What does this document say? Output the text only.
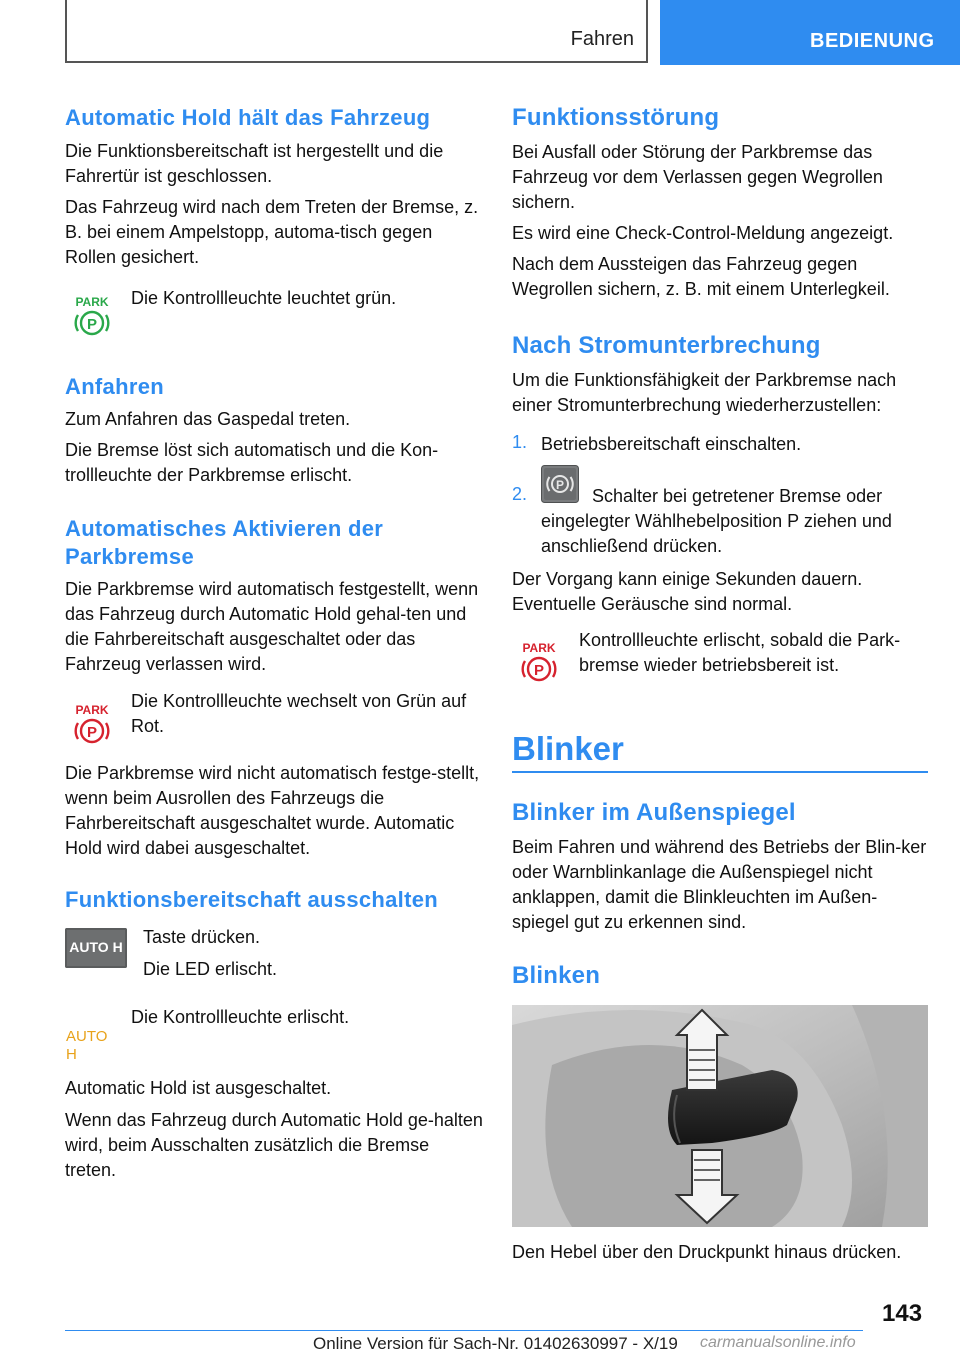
Fahren	BEDIENUNG
Automatic Hold hält das Fahrzeug

Die Funktionsbereitschaft ist hergestellt und die Fahrertür ist geschlossen.

Das Fahrzeug wird nach dem Treten der Bremse, z. B. bei einem Ampelstopp, automa-tisch gegen Rollen gesichert.

PARK
P

Die Kontrollleuchte leuchtet grün.

Anfahren

Zum Anfahren das Gaspedal treten.

Die Bremse löst sich automatisch und die Kon-trollleuchte der Parkbremse erlischt.

Automatisches Aktivieren der Parkbremse

Die Parkbremse wird automatisch festgestellt, wenn das Fahrzeug durch Automatic Hold gehal-ten und die Fahrbereitschaft ausgeschaltet oder das Fahrzeug verlassen wird.

PARK
P

Die Kontrollleuchte wechselt von Grün auf Rot.

Die Parkbremse wird nicht automatisch festge-stellt, wenn beim Ausrollen des Fahrzeugs die Fahrbereitschaft ausgeschaltet wurde. Automatic Hold wird dabei ausgeschaltet.

Funktionsbereitschaft ausschalten
AUTO H Taste drücken.

Die LED erlischt.

AUTO H

Die Kontrollleuchte erlischt.

Automatic Hold ist ausgeschaltet.

Wenn das Fahrzeug durch Automatic Hold ge-halten wird, beim Ausschalten zusätzlich die Bremse treten.

Funktionsstörung

Bei Ausfall oder Störung der Parkbremse das Fahrzeug vor dem Verlassen gegen Wegrollen sichern.

Es wird eine Check-Control-Meldung angezeigt.

Nach dem Aussteigen das Fahrzeug gegen Wegrollen sichern, z. B. mit einem Unterlegkeil.

Nach Stromunterbrechung

Um die Funktionsfähigkeit der Parkbremse nach einer Stromunterbrechung wiederherzustellen:

1. Betriebsbereitschaft einschalten.

2. P

Schalter bei getretener Bremse oder

eingelegter Wählhebelposition P ziehen und anschließend drücken.

Der Vorgang kann einige Sekunden dauern. Eventuelle Geräusche sind normal.

PARK
P

Kontrollleuchte erlischt, sobald die Park-bremse wieder betriebsbereit ist.

Blinker
Blinker im Außenspiegel

Beim Fahren und während des Betriebs der Blin-ker oder Warnblinkanlage die Außenspiegel nicht anklappen, damit die Blinkleuchten im Außen-spiegel gut zu erkennen sind.

Blinken

Den Hebel über den Druckpunkt hinaus drücken.

143
Online Version für Sach-Nr. 01402630997 - X/19 carmanualsonline.info
